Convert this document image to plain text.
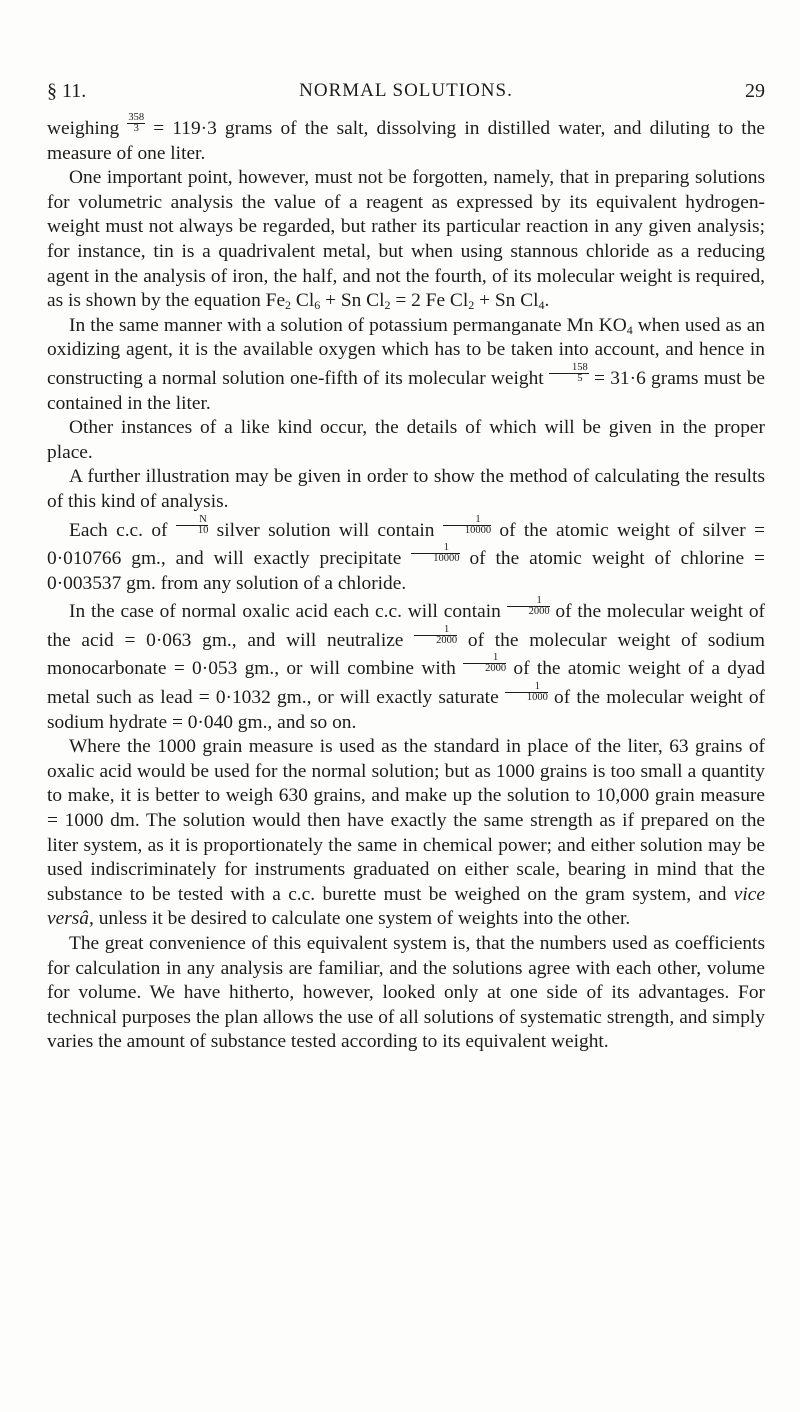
§ 11.	NORMAL SOLUTIONS.	29

weighing $\frac{358}{3} = 119\cdot 3$ grams of the salt, dissolving in distilled water, and diluting to the measure of one liter.

One important point, however, must not be forgotten, namely, that in preparing solutions for volumetric analysis the value of a reagent as expressed by its equivalent hydrogen-weight must not always be regarded, but rather its particular reaction in any given analysis; for instance, tin is a quadrivalent metal, but when using stannous chloride as a reducing agent in the analysis of iron, the half, and not the fourth, of its molecular weight is required, as is shown by the equation $Fe_2$ $Cl_6 + Sn$ $Cl_2 = 2$ Fe $Cl_2 + Sn$ $Cl_4$.

In the same manner with a solution of potassium permanganate Mn $KO_4$ when used as an oxidizing agent, it is the available oxygen which has to be taken into account, and hence in constructing a normal solution one-fifth of its molecular weight $\frac{158}{5} = 31\cdot 6$ grams must be contained in the liter.

Other instances of a like kind occur, the details of which will be given in the proper place.

A further illustration may be given in order to show the method of calculating the results of this kind of analysis.

Each c.c. of $\frac{N}{10}$ silver solution will contain $\frac{1}{10000}$ of the atomic weight of silver = 0·010766 gm., and will exactly precipitate $\frac{1}{10000}$ of the atomic weight of chlorine = 0·003537 gm. from any solution of a chloride.

In the case of normal oxalic acid each c.c. will contain $\frac{1}{2000}$ of the molecular weight of the acid = 0·063 gm., and will neutralize $\frac{1}{2000}$ of the molecular weight of sodium monocarbonate = 0·053 gm., or will combine with $\frac{1}{2000}$ of the atomic weight of a dyad metal such as lead = 0·1032 gm., or will exactly saturate $\frac{1}{1000}$ of the molecular weight of sodium hydrate = 0·040 gm., and so on.

Where the 1000 grain measure is used as the standard in place of the liter, 63 grains of oxalic acid would be used for the normal solution; but as 1000 grains is too small a quantity to make, it is better to weigh 630 grains, and make up the solution to 10,000 grain measure = 1000 dm. The solution would then have exactly the same strength as if prepared on the liter system, as it is proportionately the same in chemical power; and either solution may be used indiscriminately for instruments graduated on either scale, bearing in mind that the substance to be tested with a c.c. burette must be weighed on the gram system, and vice versâ, unless it be desired to calculate one system of weights into the other.

The great convenience of this equivalent system is, that the numbers used as coefficients for calculation in any analysis are familiar, and the solutions agree with each other, volume for volume. We have hitherto, however, looked only at one side of its advantages. For technical purposes the plan allows the use of all solutions of systematic strength, and simply varies the amount of substance tested according to its equivalent weight.
